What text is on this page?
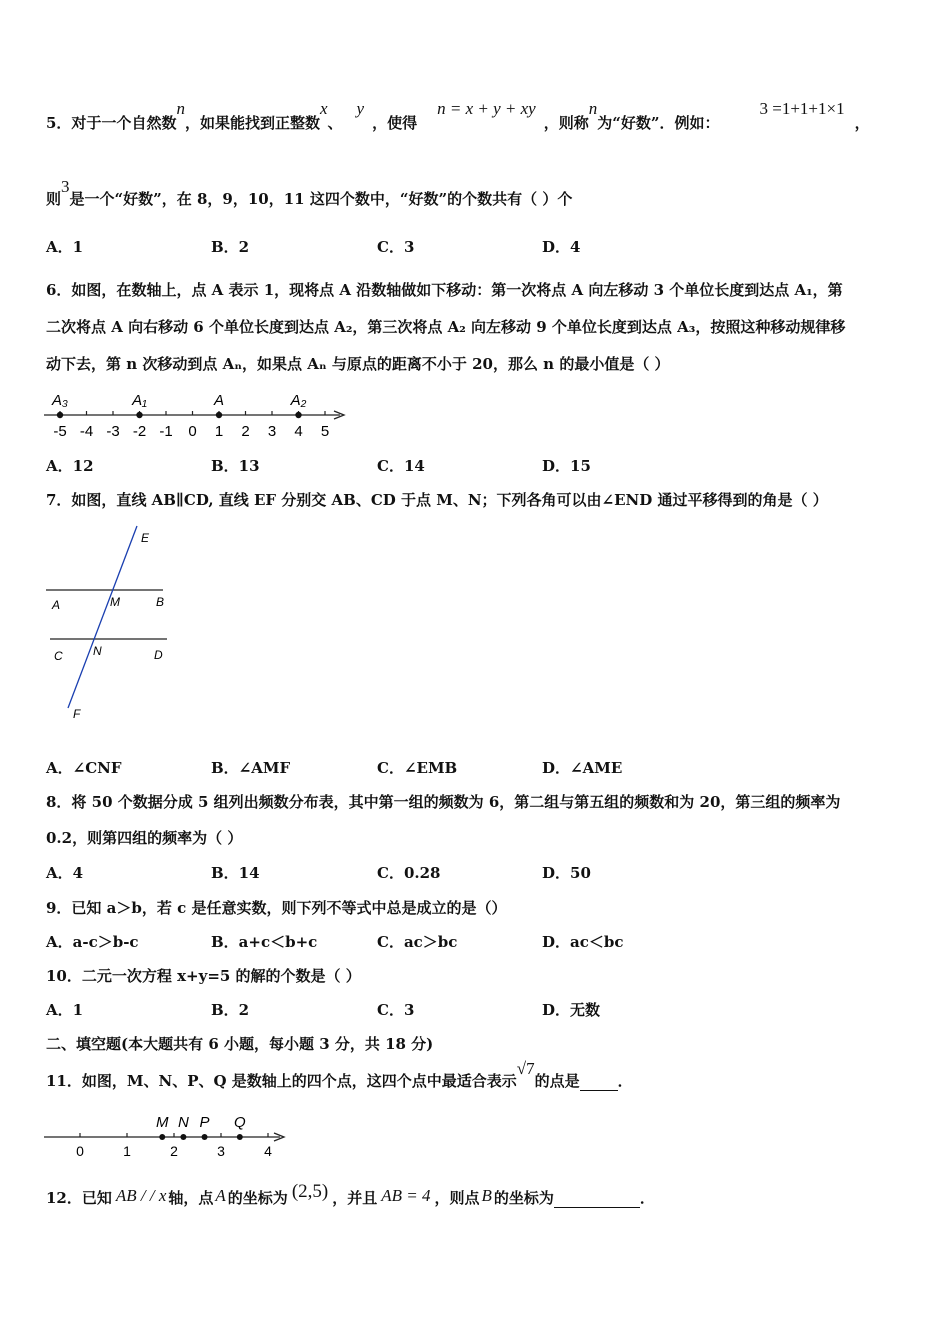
5．对于一个自然数n，如果能找到正整数x、y，使得n = x + y + xy，则称n为“好数”．例如：3 =1+1+1×1，
则3是一个“好数”，在 8，9，10，11 这四个数中，“好数”的个数共有（ ）个
A．1	B．2	C．3	D．4
6．如图，在数轴上，点 A 表示 1，现将点 A 沿数轴做如下移动：第一次将点 A 向左移动 3 个单位长度到达点 A₁，第
二次将点 A 向右移动 6 个单位长度到达点 A₂，第三次将点 A₂ 向左移动 9 个单位长度到达点 A₃，按照这种移动规律移
动下去，第 n 次移动到点 Aₙ，如果点 Aₙ 与原点的距离不小于 20，那么 n 的最小值是（ ）
-5 -4 -3 -2 -1 0 1 2 3 4 5
A₃	A₁	A	A₂
A．12	B．13	C．14	D．15
7．如图，直线 AB∥CD, 直线 EF 分别交 AB、CD 于点 M、N；下列各角可以由∠END 通过平移得到的角是（ ）
E
A	M	B
C	N	D
F
A．∠CNF	B．∠AMF	C．∠EMB	D．∠AME
8．将 50 个数据分成 5 组列出频数分布表，其中第一组的频数为 6，第二组与第五组的频数和为 20，第三组的频率为
0.2，则第四组的频率为（ ）
A．4	B．14	C．0.28	D．50
9．已知 a＞b，若 c 是任意实数，则下列不等式中总是成立的是（）
A．a-c＞b-c	B．a+c＜b+c	C．ac＞bc	D．ac＜bc
10．二元一次方程 x+y=5 的解的个数是（ ）
A．1	B．2	C．3	D．无数
二、填空题(本大题共有 6 小题，每小题 3 分，共 18 分)
11．如图，M、N、P、Q 是数轴上的四个点，这四个点中最适合表示√7的点是	．
0	1	2	3	4
M N P Q
12．已知 AB / / x 轴，点 A 的坐标为 (2,5) ，并且 AB = 4 ，则点 B 的坐标为	．
